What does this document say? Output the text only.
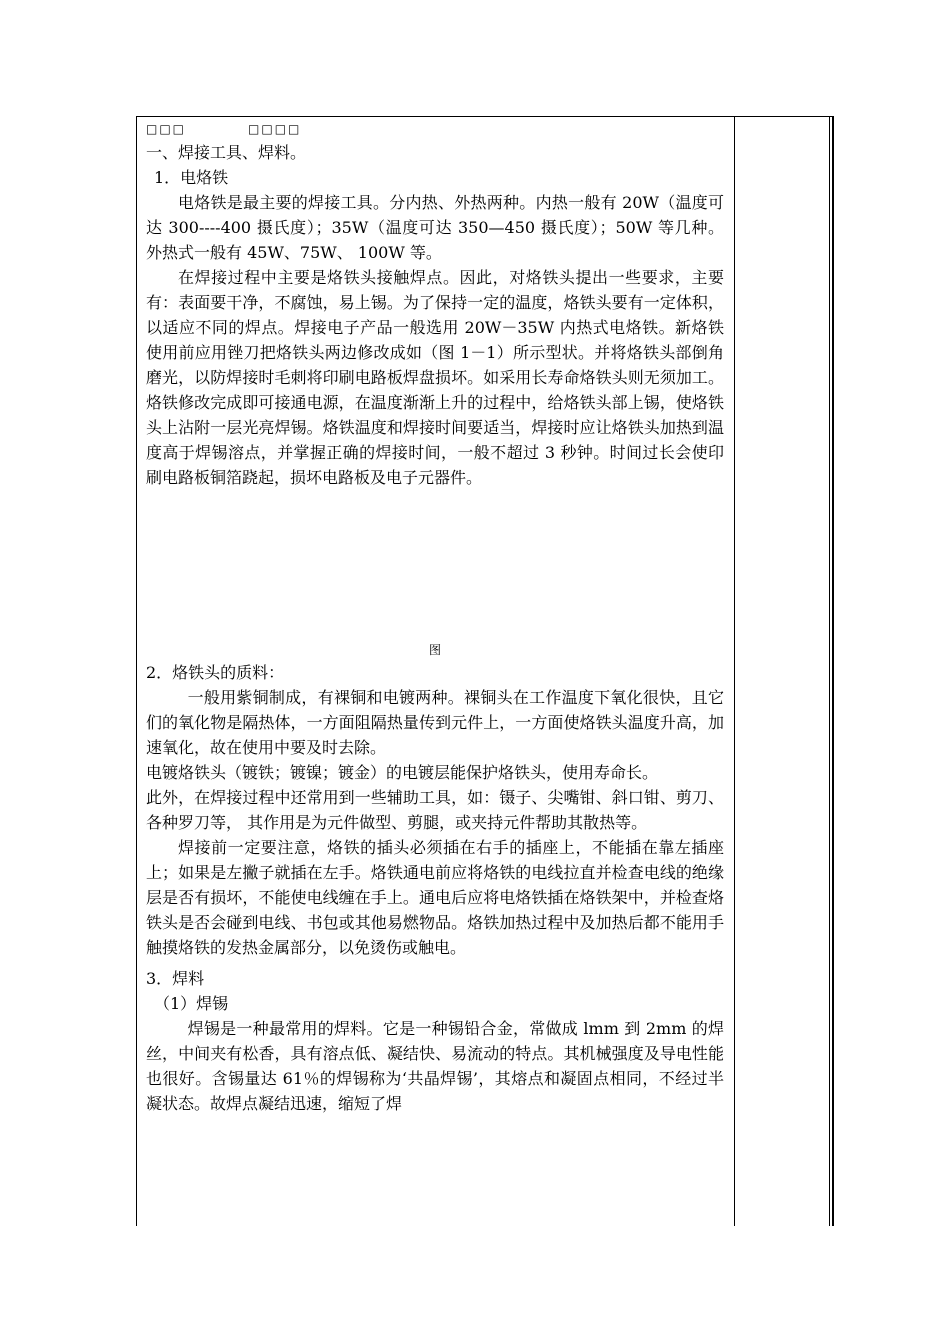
□□□	□□□□

一、焊接工具、焊料。

1．电烙铁

电烙铁是最主要的焊接工具。分内热、外热两种。内热一般有 20W（温度可达 300----400 摄氏度）；35W（温度可达 350—450 摄氏度）；50W 等几种。外热式一般有 45W、75W、 100W 等。

在焊接过程中主要是烙铁头接触焊点。因此，对烙铁头提出一些要求，主要有：表面要干净，不腐蚀，易上锡。为了保持一定的温度，烙铁头要有一定体积，以适应不同的焊点。焊接电子产品一般选用 20W－35W 内热式电烙铁。新烙铁使用前应用锉刀把烙铁头两边修改成如（图 1－1）所示型状。并将烙铁头部倒角磨光，以防焊接时毛刺将印刷电路板焊盘损坏。如采用长寿命烙铁头则无须加工。烙铁修改完成即可接通电源，在温度渐渐上升的过程中，给烙铁头部上锡，使烙铁头上沾附一层光亮焊锡。烙铁温度和焊接时间要适当，焊接时应让烙铁头加热到温度高于焊锡溶点，并掌握正确的焊接时间，一般不超过 3 秒钟。时间过长会使印刷电路板铜箔跷起，损坏电路板及电子元器件。

图

2．烙铁头的质料：

一般用紫铜制成，有裸铜和电镀两种。裸铜头在工作温度下氧化很快，且它们的氧化物是隔热体，一方面阻隔热量传到元件上，一方面使烙铁头温度升高，加速氧化，故在使用中要及时去除。

电镀烙铁头（镀铁；镀镍；镀金）的电镀层能保护烙铁头，使用寿命长。

此外，在焊接过程中还常用到一些辅助工具，如：镊子、尖嘴钳、斜口钳、剪刀、各种罗刀等， 其作用是为元件做型、剪腿，或夹持元件帮助其散热等。

焊接前一定要注意，烙铁的插头必须插在右手的插座上，不能插在靠左插座上；如果是左撇子就插在左手。烙铁通电前应将烙铁的电线拉直并检查电线的绝缘层是否有损坏，不能使电线缠在手上。通电后应将电烙铁插在烙铁架中，并检查烙铁头是否会碰到电线、书包或其他易燃物品。烙铁加热过程中及加热后都不能用手触摸烙铁的发热金属部分，以免烫伤或触电。

3．焊料

（1）焊锡

焊锡是一种最常用的焊料。它是一种锡铅合金，常做成 lmm 到 2mm 的焊丝，中间夹有松香，具有溶点低、凝结快、易流动的特点。其机械强度及导电性能也很好。含锡量达 61％的焊锡称为‘共晶焊锡’，其熔点和凝固点相同，不经过半凝状态。故焊点凝结迅速，缩短了焊
